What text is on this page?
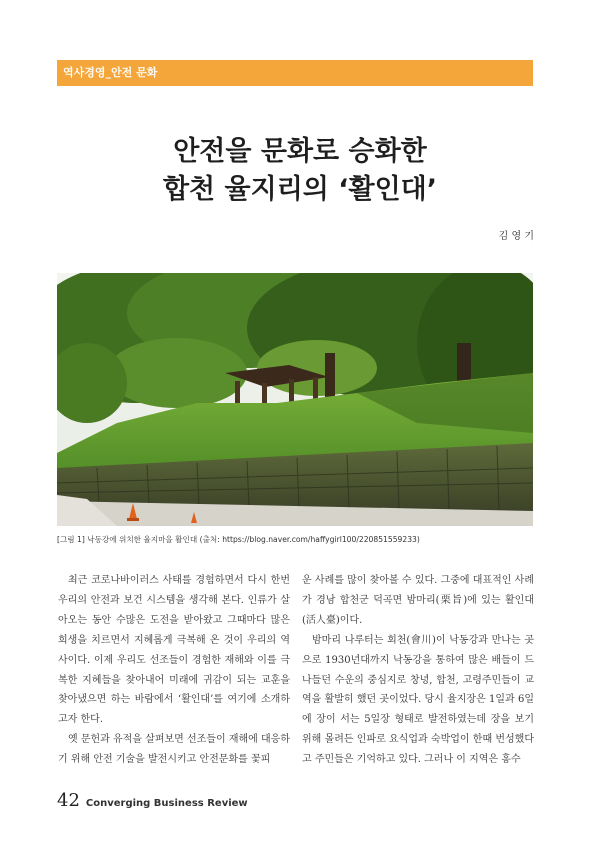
역사경영_안전 문화
안전을 문화로 승화한
합천 율지리의 ‘활인대’
김 영 기
[그림 1] 낙동강에 위치한 율지마을 활인대 (출처: https://blog.naver.com/haffygirl100/220851559233)

최근 코로나바이러스 사태를 경험하면서 다시 한번 우리의 안전과 보건 시스템을 생각해 본다. 인류가 살아오는 동안 수많은 도전을 받아왔고 그때마다 많은 희생을 치르면서 지혜롭게 극복해 온 것이 우리의 역사이다. 이제 우리도 선조들이 경험한 재해와 이를 극복한 지혜들을 찾아내어 미래에 귀감이 되는 교훈을 찾아냈으면 하는 바람에서 ‘활인대’를 여기에 소개하고자 한다.

옛 문헌과 유적을 살펴보면 선조들이 재해에 대응하기 위해 안전 기술을 발전시키고 안전문화를 꽃피

운 사례를 많이 찾아볼 수 있다. 그중에 대표적인 사례가 경남 합천군 덕곡면 밤마리(栗旨)에 있는 활인대(活人臺)이다.

밤마리 나루터는 회천(會川)이 낙동강과 만나는 곳으로 1930년대까지 낙동강을 통하여 많은 배들이 드나들던 수운의 중심지로 창녕, 합천, 고령주민들이 교역을 활발히 했던 곳이었다. 당시 율지장은 1일과 6일에 장이 서는 5일장 형태로 발전하였는데 장을 보기 위해 몰려든 인파로 요식업과 숙박업이 한때 번성했다고 주민들은 기억하고 있다. 그러나 이 지역은 홍수

42 Converging Business Review
